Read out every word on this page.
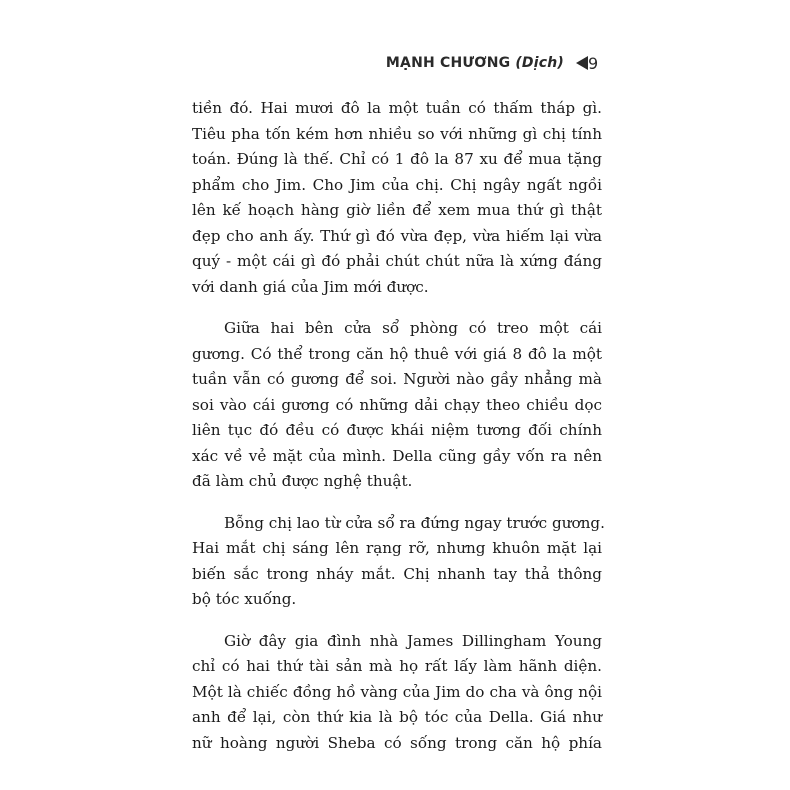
MẠNH CHƯƠNG (Dịch) 9

tiền đó. Hai mươi đô la một tuần có thấm tháp gì.
Tiêu pha tốn kém hơn nhiều so với những gì chị tính
toán. Đúng là thế. Chỉ có 1 đô la 87 xu để mua tặng
phẩm cho Jim. Cho Jim của chị. Chị ngây ngất ngồi
lên kế hoạch hàng giờ liền để xem mua thứ gì thật
đẹp cho anh ấy. Thứ gì đó vừa đẹp, vừa hiếm lại vừa
quý - một cái gì đó phải chút chút nữa là xứng đáng
với danh giá của Jim mới được.

Giữa hai bên cửa sổ phòng có treo một cái
gương. Có thể trong căn hộ thuê với giá 8 đô la một
tuần vẫn có gương để soi. Người nào gầy nhẳng mà
soi vào cái gương có những dải chạy theo chiều dọc
liên tục đó đều có được khái niệm tương đối chính
xác về vẻ mặt của mình. Della cũng gầy vốn ra nên
đã làm chủ được nghệ thuật.

Bỗng chị lao từ cửa sổ ra đứng ngay trước gương.
Hai mắt chị sáng lên rạng rỡ, nhưng khuôn mặt lại
biến sắc trong nháy mắt. Chị nhanh tay thả thông
bộ tóc xuống.

Giờ đây gia đình nhà James Dillingham Young
chỉ có hai thứ tài sản mà họ rất lấy làm hãnh diện.
Một là chiếc đồng hồ vàng của Jim do cha và ông nội
anh để lại, còn thứ kia là bộ tóc của Della. Giá như
nữ hoàng người Sheba có sống trong căn hộ phía
